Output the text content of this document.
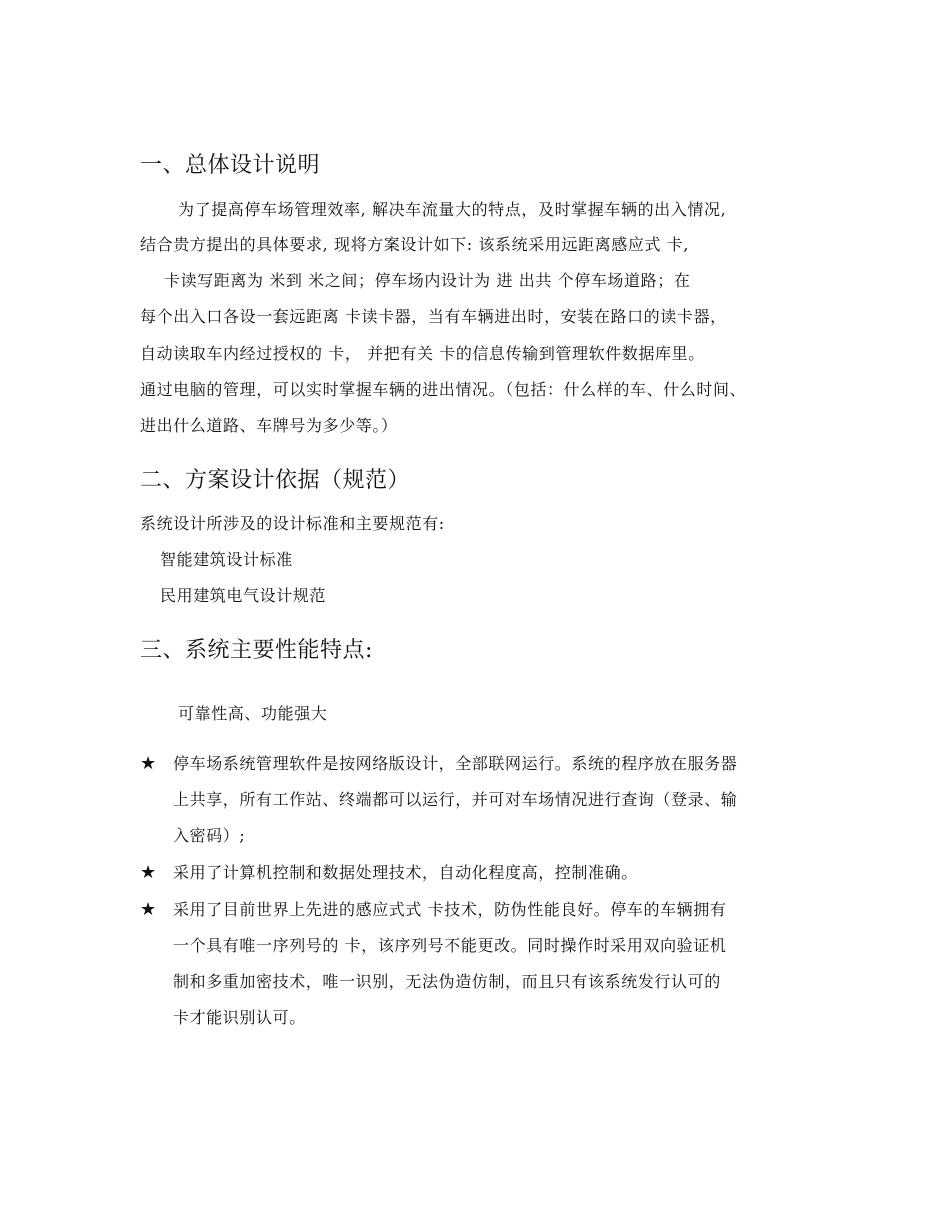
一、总体设计说明
为了提高停车场管理效率, 解决车流量大的特点，及时掌握车辆的出入情况,
结合贵方提出的具体要求, 现将方案设计如下: 该系统采用远距离感应式 卡,
卡读写距离为 米到 米之间；停车场内设计为 进 出共 个停车场道路；在
每个出入口各设一套远距离 卡读卡器，当有车辆进出时，安装在路口的读卡器，
自动读取车内经过授权的 卡， 并把有关 卡的信息传输到管理软件数据库里。
通过电脑的管理，可以实时掌握车辆的进出情况。（包括：什么样的车、什么时间、
进出什么道路、车牌号为多少等。）
二、方案设计依据（规范）
系统设计所涉及的设计标准和主要规范有:
智能建筑设计标准
民用建筑电气设计规范
三、系统主要性能特点:
可靠性高、功能强大
★ 停车场系统管理软件是按网络版设计，全部联网运行。系统的程序放在服务器
上共享，所有工作站、终端都可以运行，并可对车场情况进行查询（登录、输
入密码）;
★ 采用了计算机控制和数据处理技术，自动化程度高，控制准确。
★ 采用了目前世界上先进的感应式式 卡技术，防伪性能良好。停车的车辆拥有
一个具有唯一序列号的 卡，该序列号不能更改。同时操作时采用双向验证机
制和多重加密技术，唯一识别，无法伪造仿制，而且只有该系统发行认可的
卡才能识别认可。
